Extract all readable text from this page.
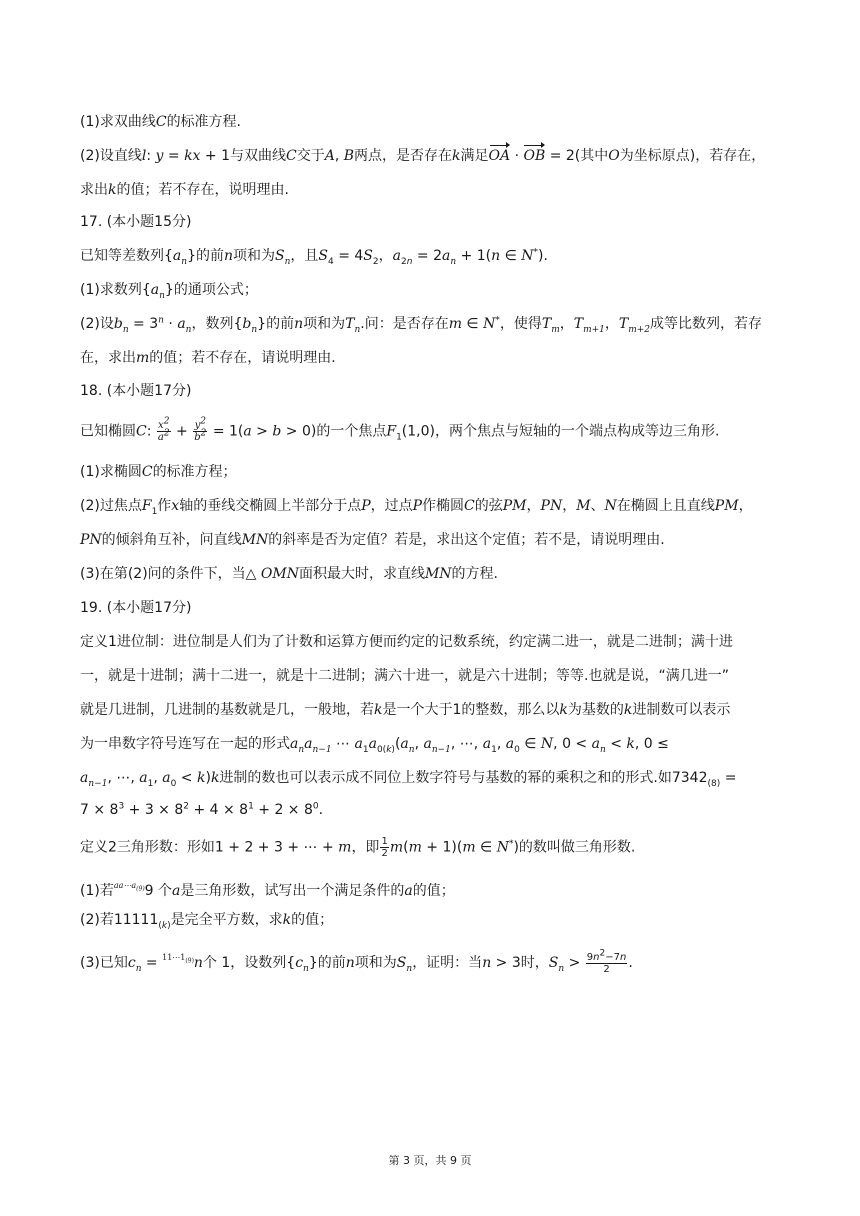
(1)求双曲线C的标准方程.
(2)设直线l: y = kx + 1与双曲线C交于A, B两点，是否存在k满足OA · OB = 2(其中O为坐标原点)，若存在，
求出k的值；若不存在，说明理由.
17. (本小题15分)
已知等差数列$\{a_n\}$的前n项和为$S_n$，且$S_4 = 4S_2$，$a_{2n} = 2a_n + 1(n$ ∈ N*).
(1)求数列$\{a_n\}$的通项公式；
(2)设$b_n = 3^n \cdot a_n$，数列$\{b_n\}$的前n项和为$T_n$.问：是否存在m ∈ N*，使得$T_m$，$T_{m+1}$，$T_{m+2}$成等比数列，若存
在，求出m的值；若不存在，请说明理由.
18. (本小题17分)
已知椭圆C: $\frac{x^2}{a^2} + \frac{y^2}{b^2} = 1(a > b > 0)$的一个焦点$F_1(1,0)$，两个焦点与短轴的一个端点构成等边三角形.
(1)求椭圆C的标准方程；
(2)过焦点$F_1$作x轴的垂线交椭圆上半部分于点P，过点P作椭圆C的弦PM，PN，M、N在椭圆上且直线PM，
PN的倾斜角互补，问直线MN的斜率是否为定值？若是，求出这个定值；若不是，请说明理由.
(3)在第(2)问的条件下，当△ OMN面积最大时，求直线MN的方程.
19. (本小题17分)
定义1进位制：进位制是人们为了计数和运算方便而约定的记数系统，约定满二进一，就是二进制；满十进
一，就是十进制；满十二进一，就是十二进制；满六十进一，就是六十进制；等等.也就是说，“满几进一”
就是几进制，几进制的基数就是几，一般地，若k是一个大于1的整数，那么以k为基数的k进制数可以表示
为一串数字符号连写在一起的形式$a_na_{n-1}$ ⋯ $a_1a_{0(k)}(a_n$, $a_{n-1}$, ⋯, $a_1$, $a_0$ ∈ N, $0 < a_n < k$, 0 ≤
$a_{n-1}$, ⋯, $a_1$, $a_0 < k)k$进制的数也可以表示成不同位上数字符号与基数的幂的乘积之和的形式.如$7342_{(8)}$ =
$7 \times 8^3 + 3 \times 8^2 + 4 \times 8^1 + 2 \times 8^0$.
定义2三角形数：形如1 + 2 + 3 + ⋯ + m，即 $\frac{1}{2} m(m + 1)(m$ ∈ N*)的数叫做三角形数.
(1)若$^{aa\cdots a_{(9)}}$9 个a是三角形数，试写出一个满足条件的a的值；
(2)若$11111_{(k)}$是完全平方数，求k的值；
(3)已知$c_n = ^{11\cdots 1_{(9)}}n$个 1，设数列$\{c_n\}$的前n项和为$S_n$，证明：当n > 3时，$S_n > \frac{9n^2-7n}{2}$ .
第 3 页，共 9 页
